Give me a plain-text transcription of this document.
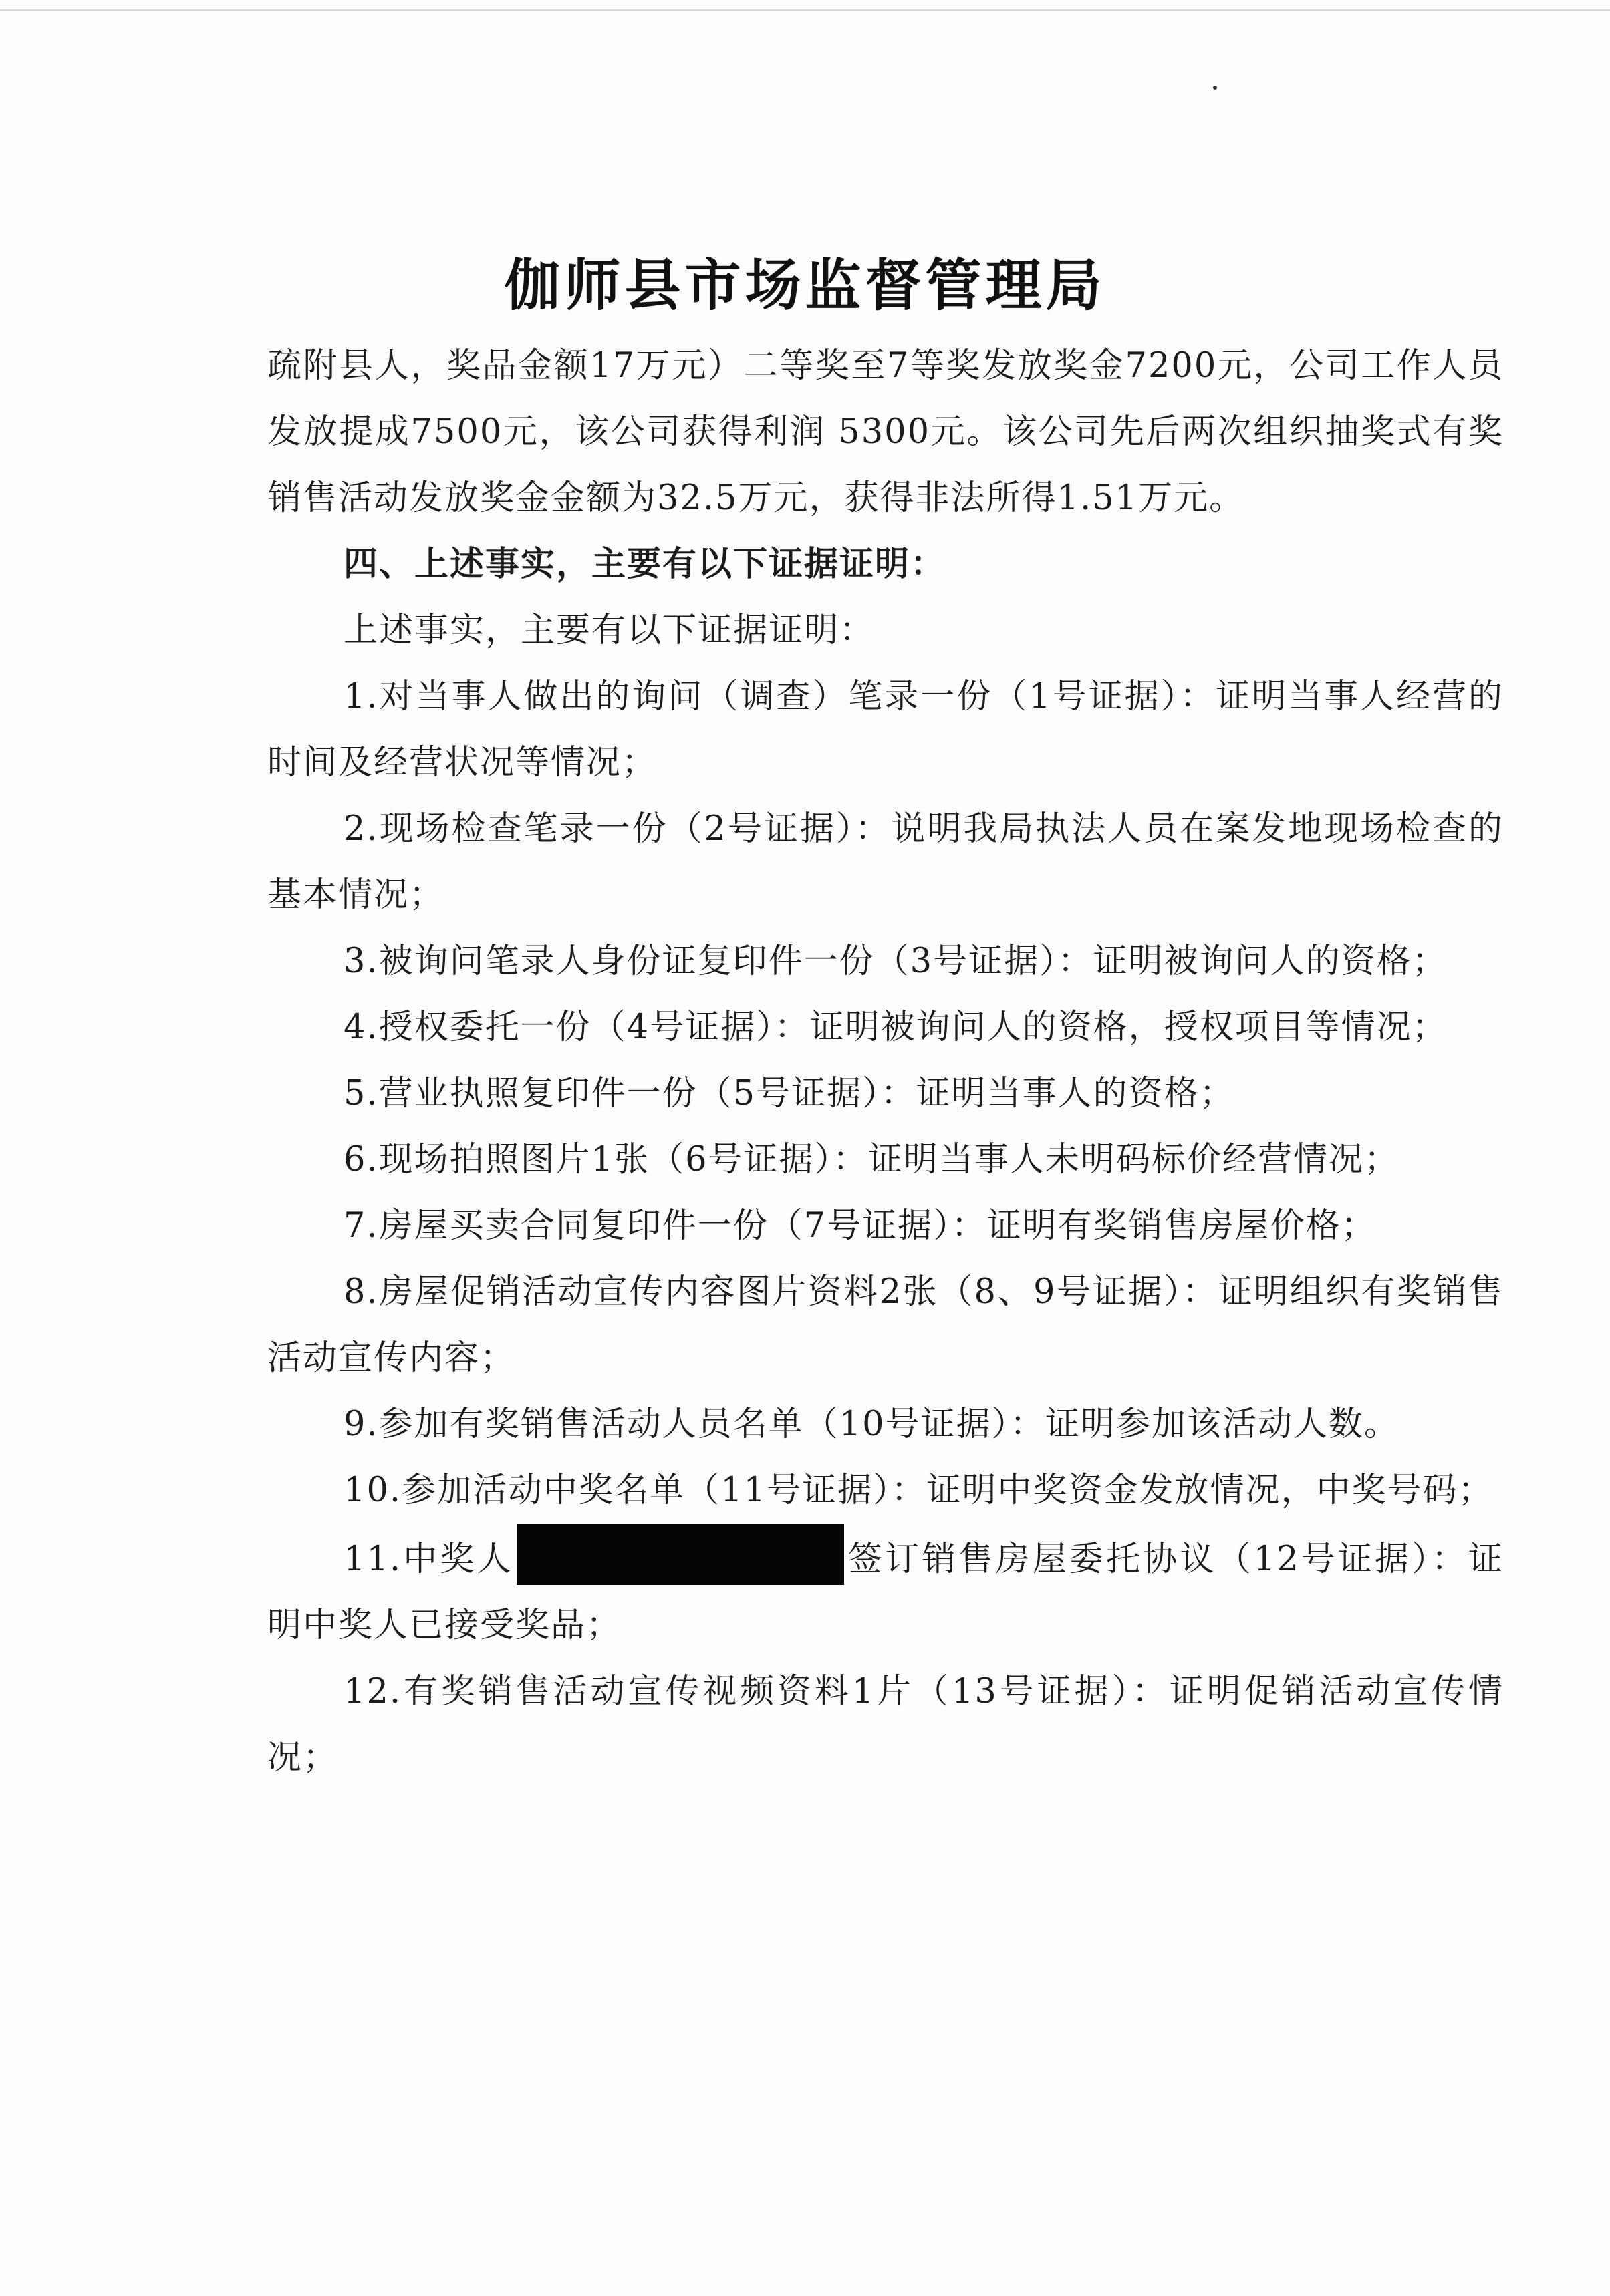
伽师县市场监督管理局

疏附县人，奖品金额17万元）二等奖至7等奖发放奖金7200元，公司工作人员发放提成7500元，该公司获得利润 5300元。该公司先后两次组织抽奖式有奖销售活动发放奖金金额为32.5万元，获得非法所得1.51万元。

四、上述事实，主要有以下证据证明：

上述事实，主要有以下证据证明：

1.对当事人做出的询问（调查）笔录一份（1号证据）：证明当事人经营的时间及经营状况等情况；

2.现场检查笔录一份（2号证据）：说明我局执法人员在案发地现场检查的基本情况；

3.被询问笔录人身份证复印件一份（3号证据）：证明被询问人的资格；

4.授权委托一份（4号证据）：证明被询问人的资格，授权项目等情况；

5.营业执照复印件一份（5号证据）：证明当事人的资格；

6.现场拍照图片1张（6号证据）：证明当事人未明码标价经营情况；

7.房屋买卖合同复印件一份（7号证据）：证明有奖销售房屋价格；

8.房屋促销活动宣传内容图片资料2张（8、9号证据）：证明组织有奖销售活动宣传内容；

9.参加有奖销售活动人员名单（10号证据）：证明参加该活动人数。

10.参加活动中奖名单（11号证据）：证明中奖资金发放情况，中奖号码；

11.中奖人	签订销售房屋委托协议（12号证据）：证明中奖人已接受奖品；

12.有奖销售活动宣传视频资料1片（13号证据）：证明促销活动宣传情况；
